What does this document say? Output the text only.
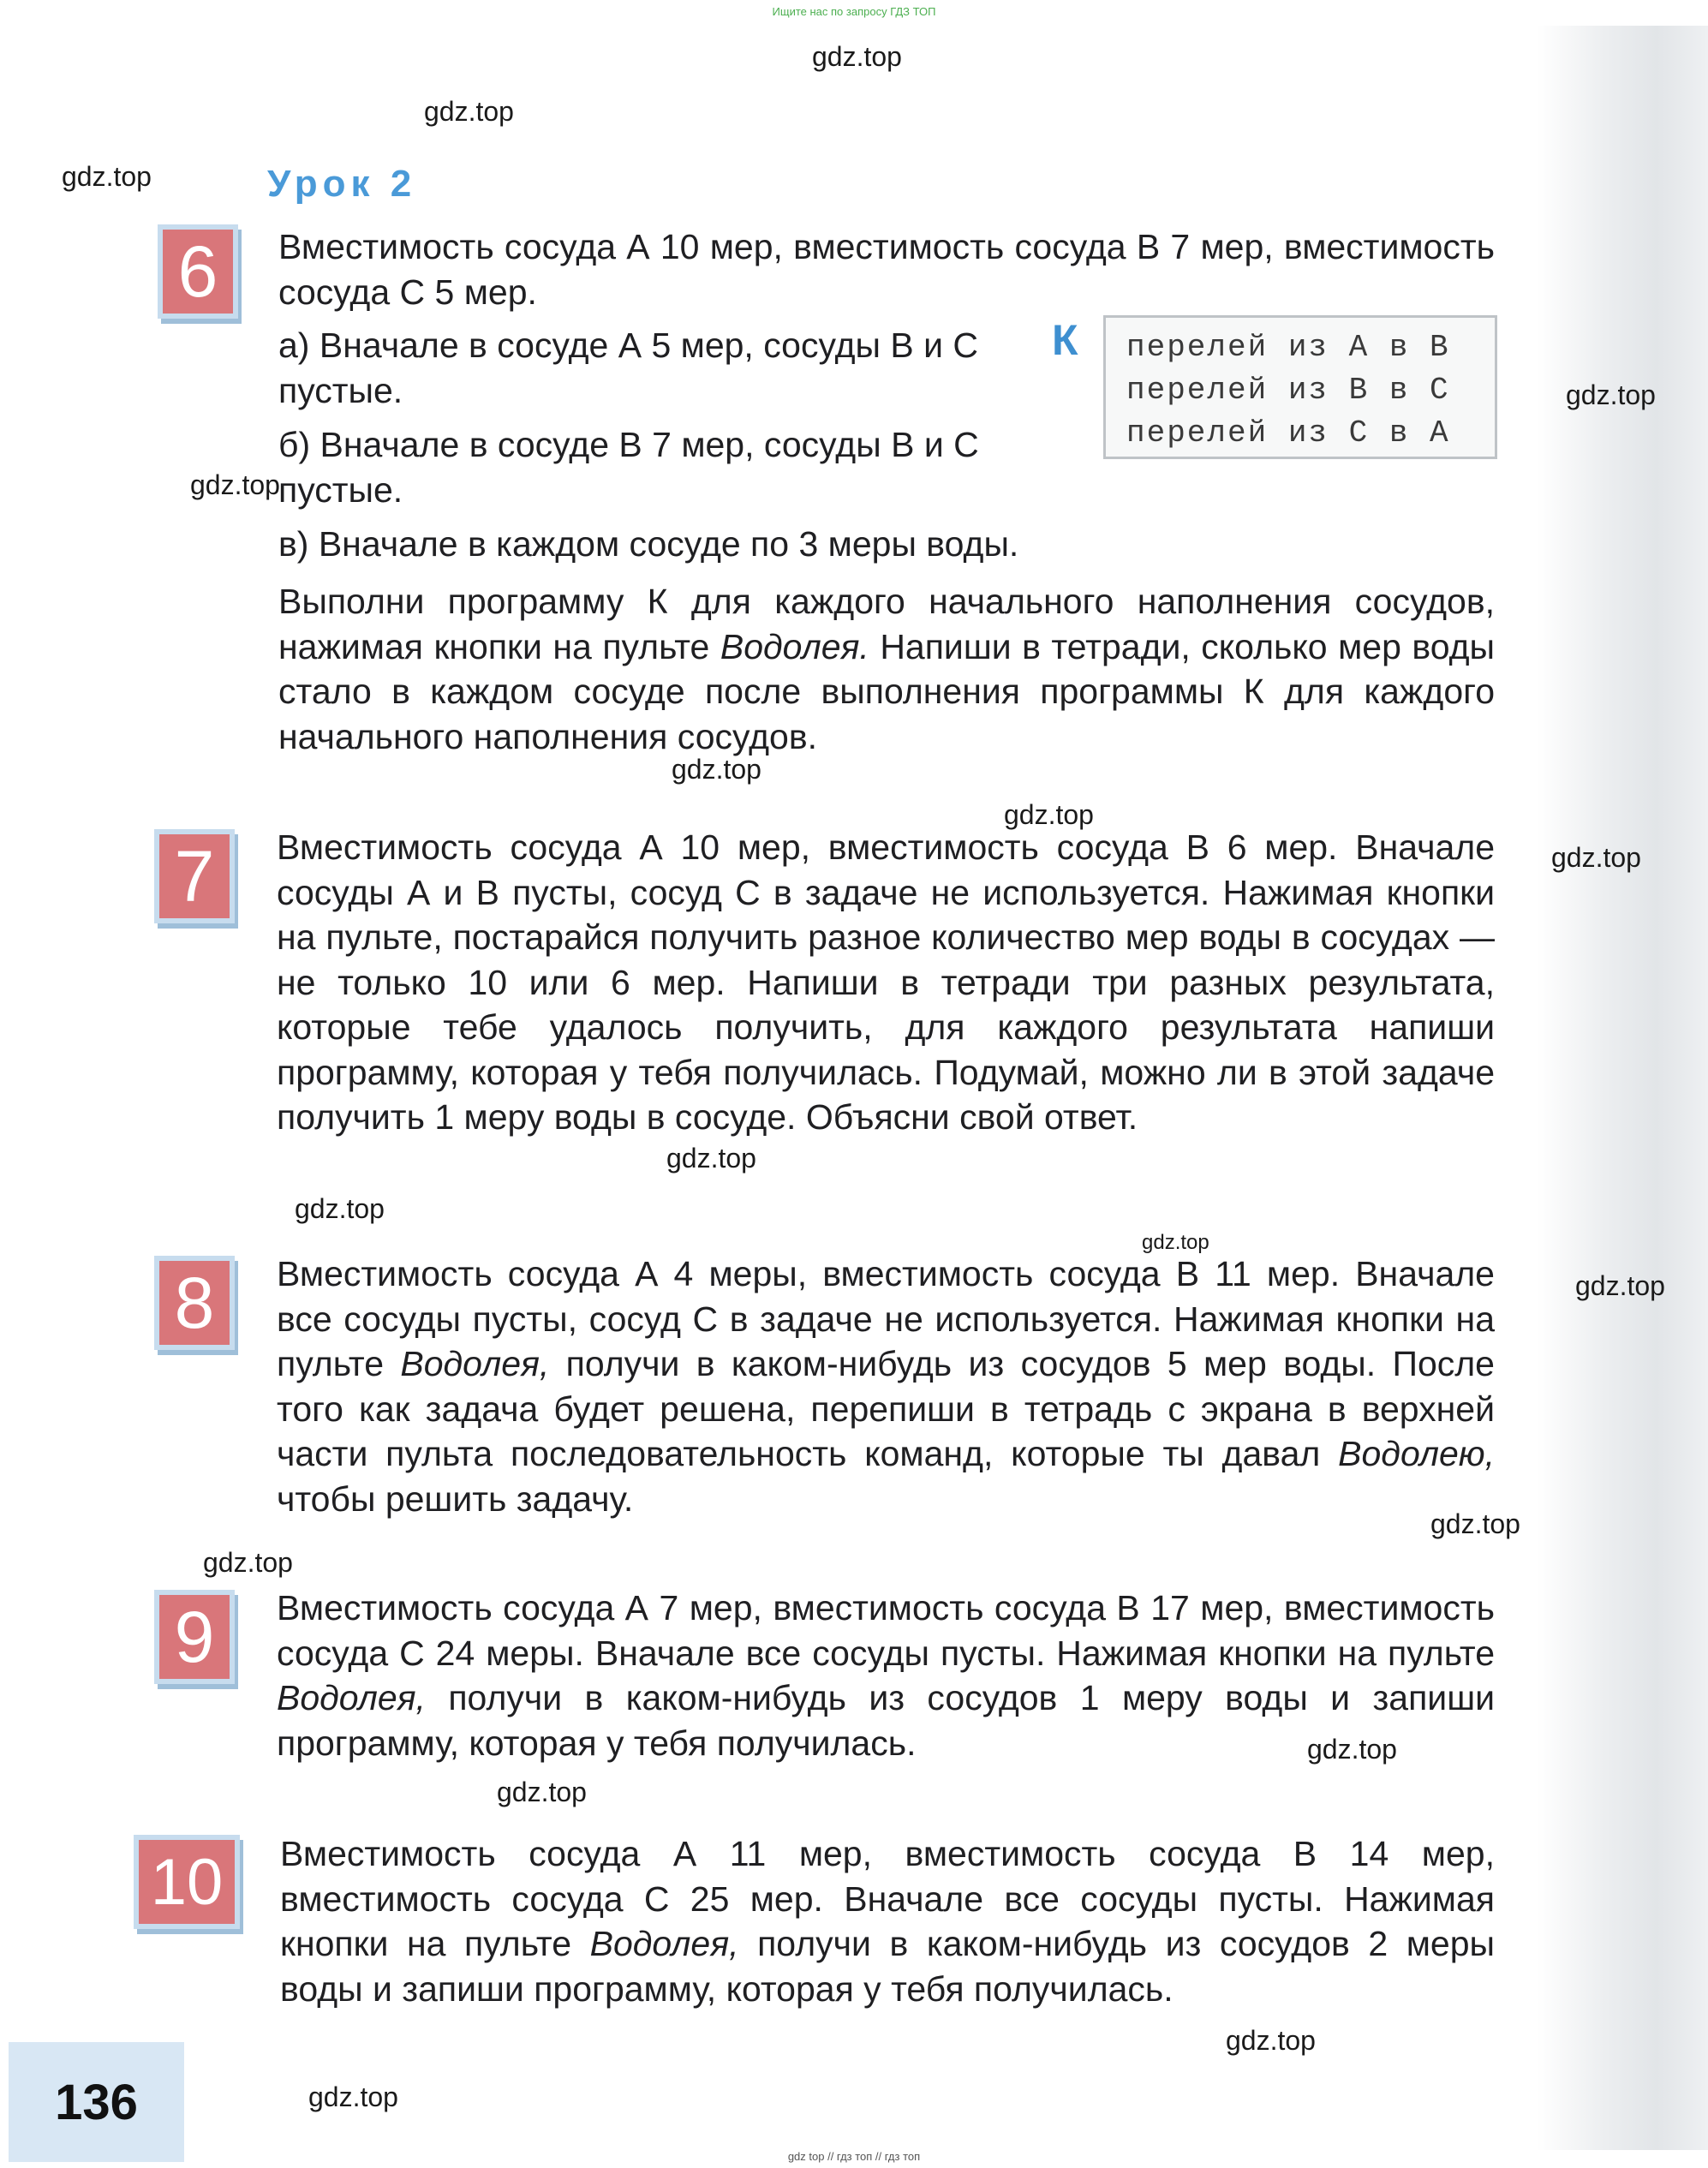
Ищите нас по запросу ГДЗ ТОП
Урок 2
6	Вместимость сосуда А 10 мер, вместимость сосуда В 7 мер, вместимость сосуда С 5 мер.

а) Вначале в сосуде А 5 мер, сосуды В и С пустые.
б) Вначале в сосуде В 7 мер, сосуды В и С пустые.
в) Вначале в каждом сосуде по 3 меры воды.
Выполни программу К для каждого начального наполнения сосудов, нажимая кнопки на пульте Водолея. Напиши в тетради, сколько мер воды стало в каждом сосуде после выполнения программы К для каждого начального наполнения сосудов.
К перелей из А в В
перелей из В в С
перелей из С в А
7	Вместимость сосуда А 10 мер, вместимость сосуда В 6 мер. Вначале сосуды А и В пусты, сосуд С в задаче не используется. Нажимая кнопки на пульте, постарайся получить разное количество мер воды в сосудах — не только 10 или 6 мер. Напиши в тетради три разных результата, которые тебе удалось получить, для каждого результата напиши программу, которая у тебя получилась. Подумай, можно ли в этой задаче получить 1 меру воды в сосуде. Объясни свой ответ.
8	Вместимость сосуда А 4 меры, вместимость сосуда В 11 мер. Вначале все сосуды пусты, сосуд С в задаче не используется. Нажимая кнопки на пульте Водолея, получи в каком-нибудь из сосудов 5 мер воды. После того как задача будет решена, перепиши в тетрадь с экрана в верхней части пульта последовательность команд, которые ты давал Водолею, чтобы решить задачу.
9	Вместимость сосуда А 7 мер, вместимость сосуда В 17 мер, вместимость сосуда С 24 меры. Вначале все сосуды пусты. Нажимая кнопки на пульте Водолея, получи в каком-нибудь из сосудов 1 меру воды и запиши программу, которая у тебя получилась.
10	Вместимость сосуда А 11 мер, вместимость сосуда В 14 мер, вместимость сосуда С 25 мер. Вначале все сосуды пусты. Нажимая кнопки на пульте Водолея, получи в каком-нибудь из сосудов 2 меры воды и запиши программу, которая у тебя получилась.
136
gdz.top
gdz.top
gdz.top
gdz.top
gdz.top
gdz.top
gdz.top
gdz.top
gdz.top
gdz.top
gdz.top
gdz.top
gdz.top
gdz.top
gdz.top
gdz.top
gdz.top
gdz.top
gdz top // гдз топ // гдз топ
